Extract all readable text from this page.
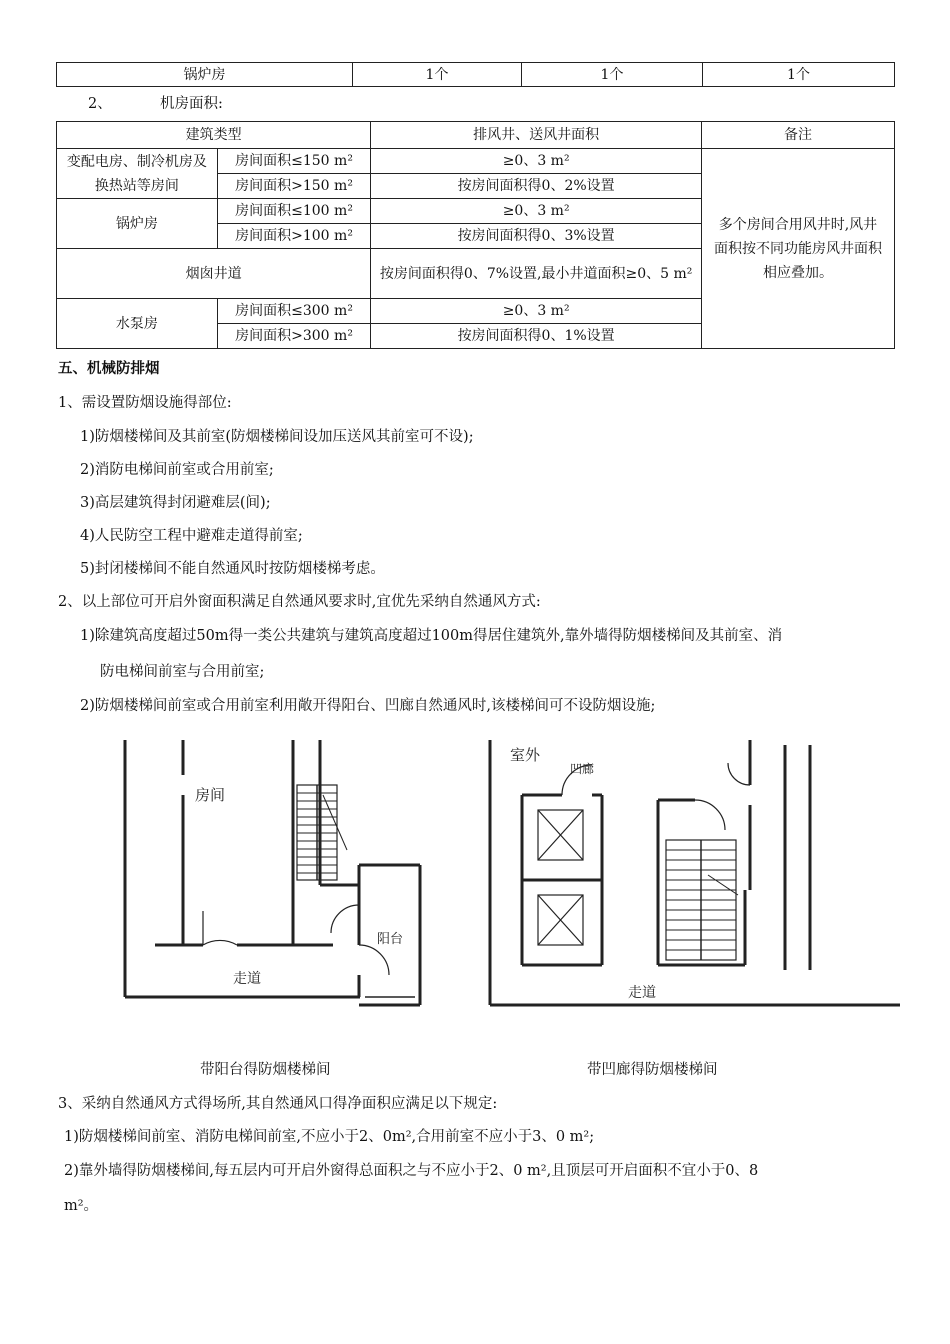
锅炉房	1个	1个	1个
2、	机房面积:
建筑类型		排风井、送风井面积	备注
变配电房、制冷机房及换热站等房间	房间面积≤150 m²	≥0、3 m²	多个房间合用风井时,风井面积按不同功能房风井面积相应叠加。
	房间面积>150 m²	按房间面积得0、2%设置	
锅炉房	房间面积≤100 m²	≥0、3 m²	
	房间面积>100 m²	按房间面积得0、3%设置	
烟囱井道		按房间面积得0、7%设置,最小井道面积≥0、5 m²	
水泵房	房间面积≤300 m²	≥0、3 m²	
	房间面积>300 m²	按房间面积得0、1%设置	
五、机械防排烟
1、需设置防烟设施得部位:
1)防烟楼梯间及其前室(防烟楼梯间设加压送风其前室可不设);
2)消防电梯间前室或合用前室;
3)高层建筑得封闭避难层(间);
4)人民防空工程中避难走道得前室;
5)封闭楼梯间不能自然通风时按防烟楼梯考虑。
2、以上部位可开启外窗面积满足自然通风要求时,宜优先采纳自然通风方式:
1)除建筑高度超过50m得一类公共建筑与建筑高度超过100m得居住建筑外,靠外墙得防烟楼梯间及其前室、消
防电梯间前室与合用前室;
2)防烟楼梯间前室或合用前室利用敞开得阳台、凹廊自然通风时,该楼梯间可不设防烟设施;
房间
阳台
走道
室外
凹廊
走道
带阳台得防烟楼梯间	带凹廊得防烟楼梯间
3、采纳自然通风方式得场所,其自然通风口得净面积应满足以下规定:
1)防烟楼梯间前室、消防电梯间前室,不应小于2、0m²,合用前室不应小于3、0 m²;
2)靠外墙得防烟楼梯间,每五层内可开启外窗得总面积之与不应小于2、0 m²,且顶层可开启面积不宜小于0、8
m²。
